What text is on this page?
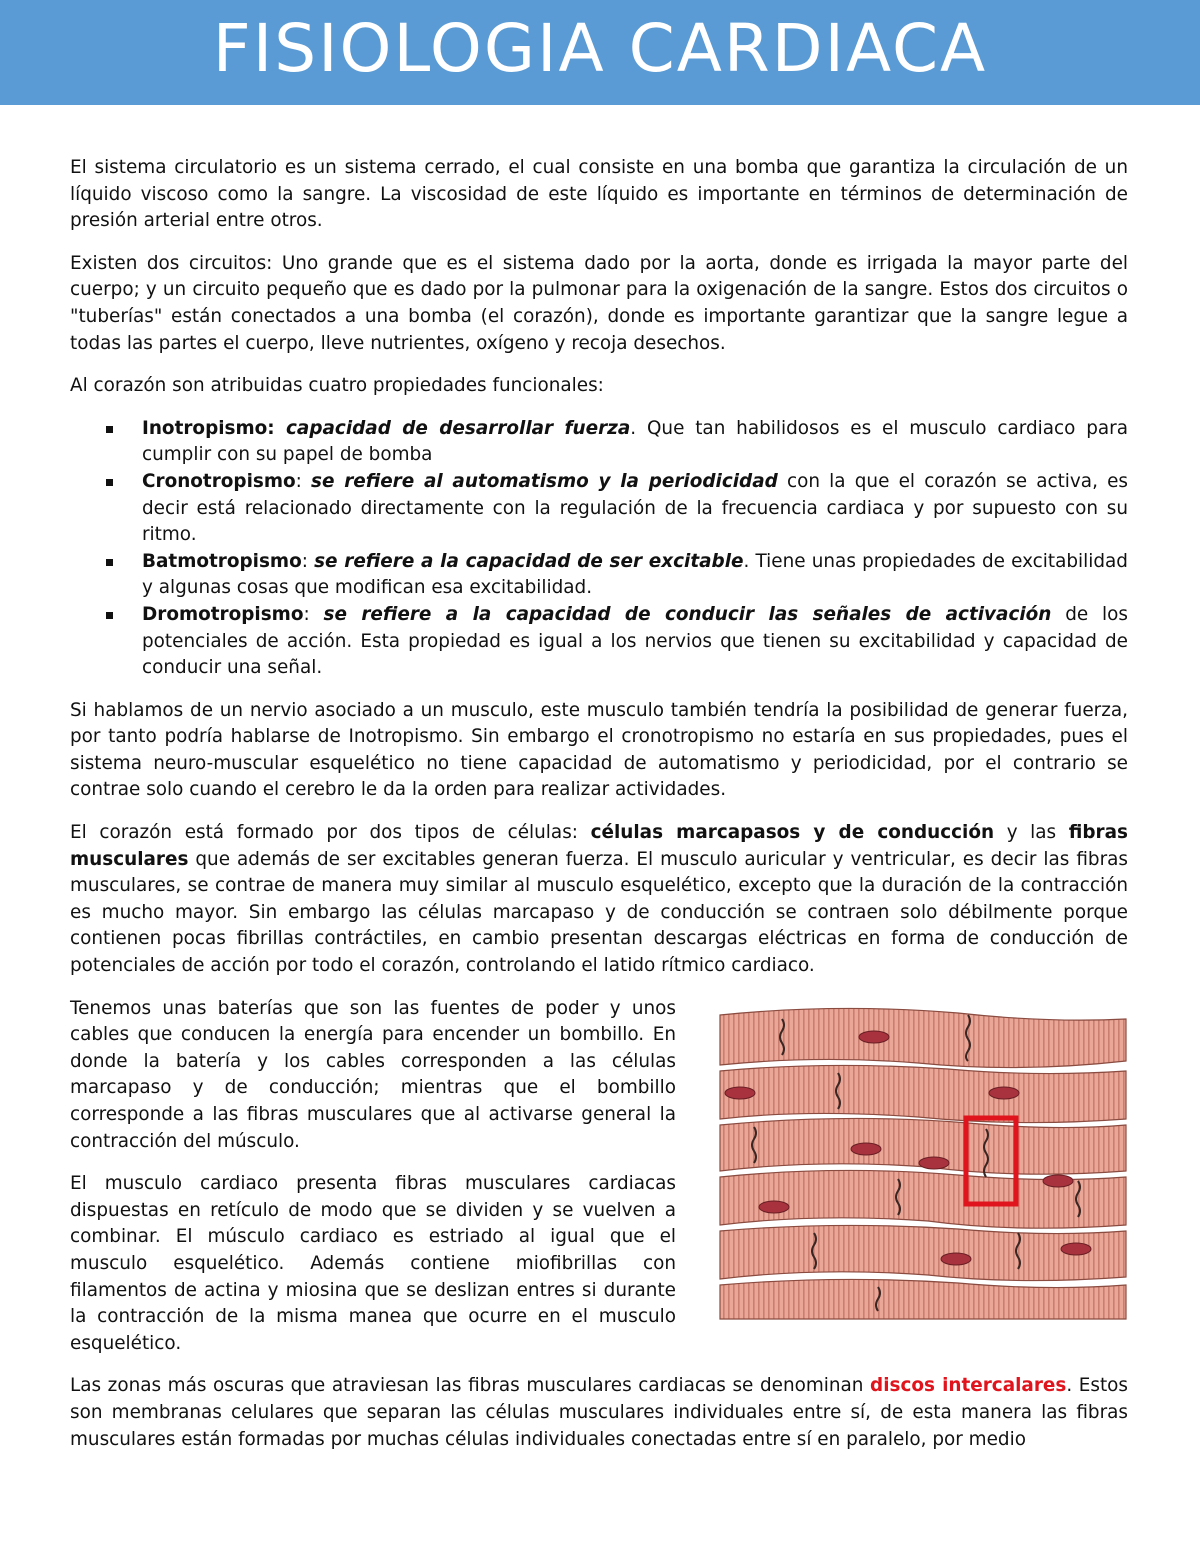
FISIOLOGIA CARDIACA

El sistema circulatorio es un sistema cerrado, el cual consiste en una bomba que garantiza la circulación de un líquido viscoso como la sangre. La viscosidad de este líquido es importante en términos de determinación de presión arterial entre otros.

Existen dos circuitos: Uno grande que es el sistema dado por la aorta, donde es irrigada la mayor parte del cuerpo; y un circuito pequeño que es dado por la pulmonar para la oxigenación de la sangre. Estos dos circuitos o "tuberías" están conectados a una bomba (el corazón), donde es importante garantizar que la sangre legue a todas las partes el cuerpo, lleve nutrientes, oxígeno y recoja desechos.

Al corazón son atribuidas cuatro propiedades funcionales:

Inotropismo: capacidad de desarrollar fuerza. Que tan habilidosos es el musculo cardiaco para cumplir con su papel de bomba
Cronotropismo: se refiere al automatismo y la periodicidad con la que el corazón se activa, es decir está relacionado directamente con la regulación de la frecuencia cardiaca y por supuesto con su ritmo.
Batmotropismo: se refiere a la capacidad de ser excitable. Tiene unas propiedades de excitabilidad y algunas cosas que modifican esa excitabilidad.
Dromotropismo: se refiere a la capacidad de conducir las señales de activación de los potenciales de acción. Esta propiedad es igual a los nervios que tienen su excitabilidad y capacidad de conducir una señal.

Si hablamos de un nervio asociado a un musculo, este musculo también tendría la posibilidad de generar fuerza, por tanto podría hablarse de Inotropismo. Sin embargo el cronotropismo no estaría en sus propiedades, pues el sistema neuro-muscular esquelético no tiene capacidad de automatismo y periodicidad, por el contrario se contrae solo cuando el cerebro le da la orden para realizar actividades.

El corazón está formado por dos tipos de células: células marcapasos y de conducción y las fibras musculares que además de ser excitables generan fuerza. El musculo auricular y ventricular, es decir las fibras musculares, se contrae de manera muy similar al musculo esquelético, excepto que la duración de la contracción es mucho mayor. Sin embargo las células marcapaso y de conducción se contraen solo débilmente porque contienen pocas fibrillas contráctiles, en cambio presentan descargas eléctricas en forma de conducción de potenciales de acción por todo el corazón, controlando el latido rítmico cardiaco.

Tenemos unas baterías que son las fuentes de poder y unos cables que conducen la energía para encender un bombillo. En donde la batería y los cables corresponden a las células marcapaso y de conducción; mientras que el bombillo corresponde a las fibras musculares que al activarse general la contracción del músculo.

El musculo cardiaco presenta fibras musculares cardiacas dispuestas en retículo de modo que se dividen y se vuelven a combinar. El músculo cardiaco es estriado al igual que el musculo esquelético. Además contiene miofibrillas con filamentos de actina y miosina que se deslizan entres si durante la contracción de la misma manea que ocurre en el musculo esquelético.

Las zonas más oscuras que atraviesan las fibras musculares cardiacas se denominan discos intercalares. Estos son membranas celulares que separan las células musculares individuales entre sí, de esta manera las fibras musculares están formadas por muchas células individuales conectadas entre sí en paralelo, por medio
